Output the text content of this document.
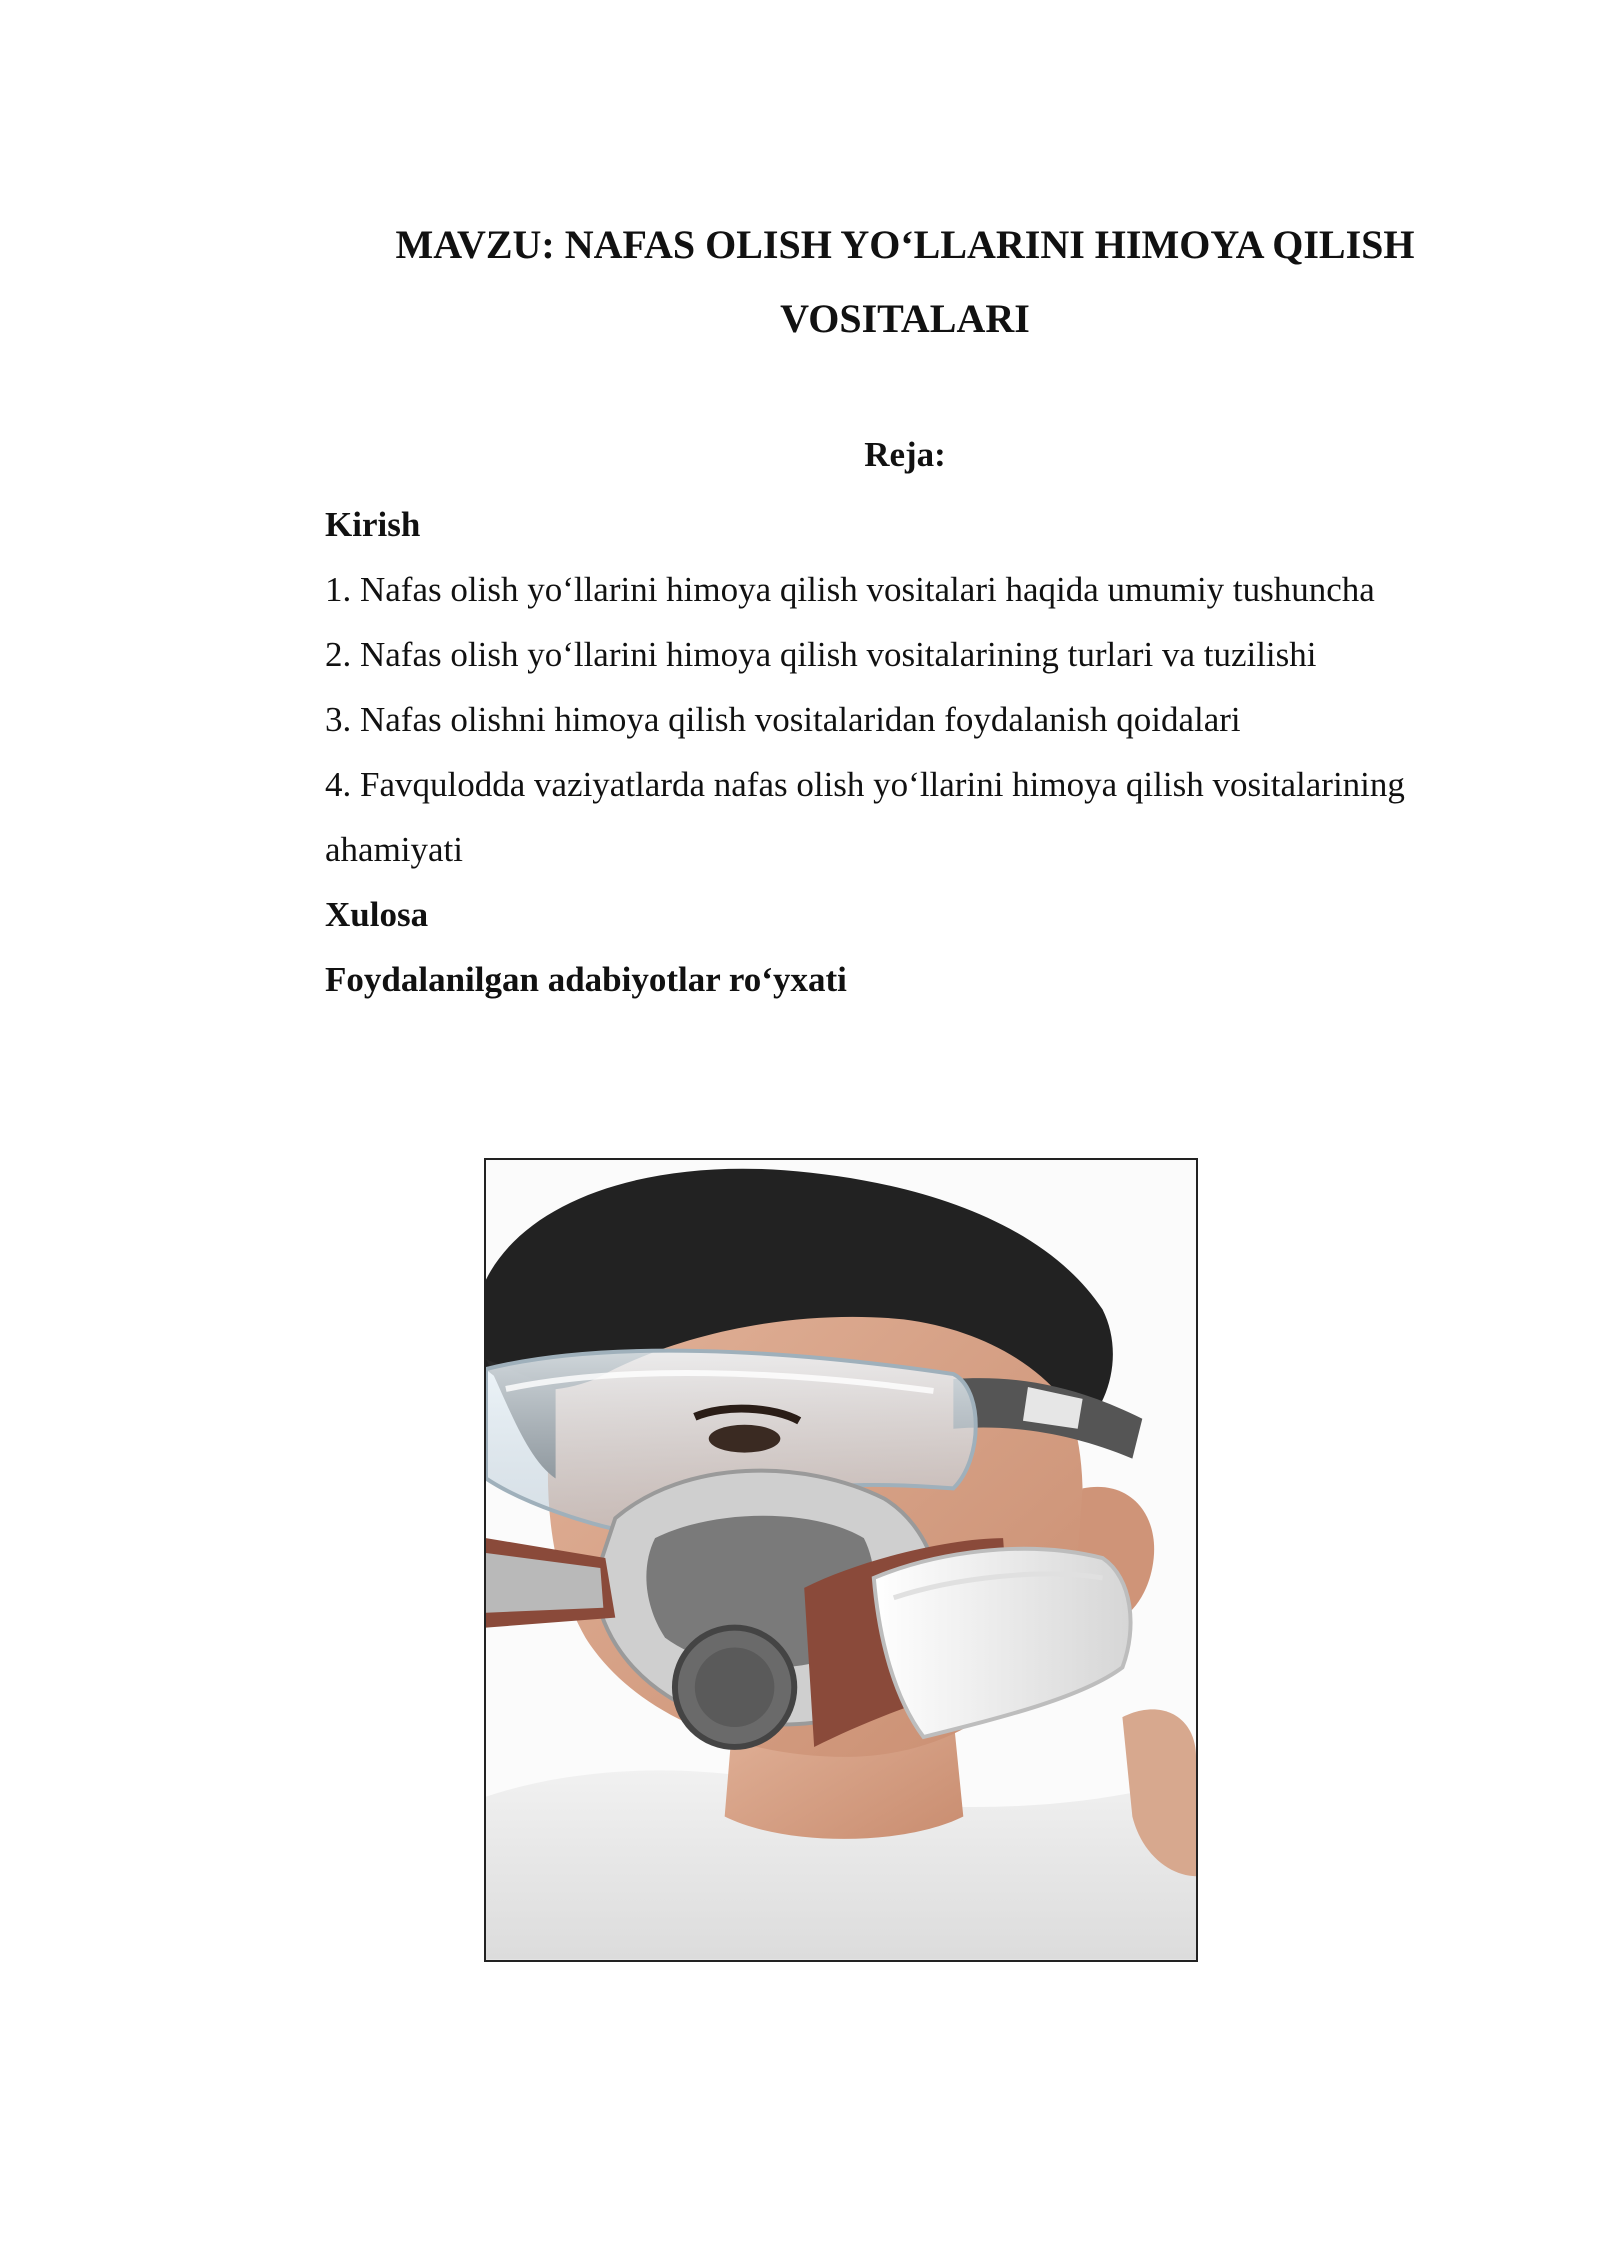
MAVZU: NAFAS OLISH YO‘LLARINI HIMOYA QILISH
VOSITALARI

Reja:

Kirish
1. Nafas olish yo‘llarini himoya qilish vositalari haqida umumiy tushuncha
2. Nafas olish yo‘llarini himoya qilish vositalarining turlari va tuzilishi
3. Nafas olishni himoya qilish vositalaridan foydalanish qoidalari
4. Favqulodda vaziyatlarda nafas olish yo‘llarini himoya qilish vositalarining
ahamiyati
Xulosa
Foydalanilgan adabiyotlar ro‘yxati
